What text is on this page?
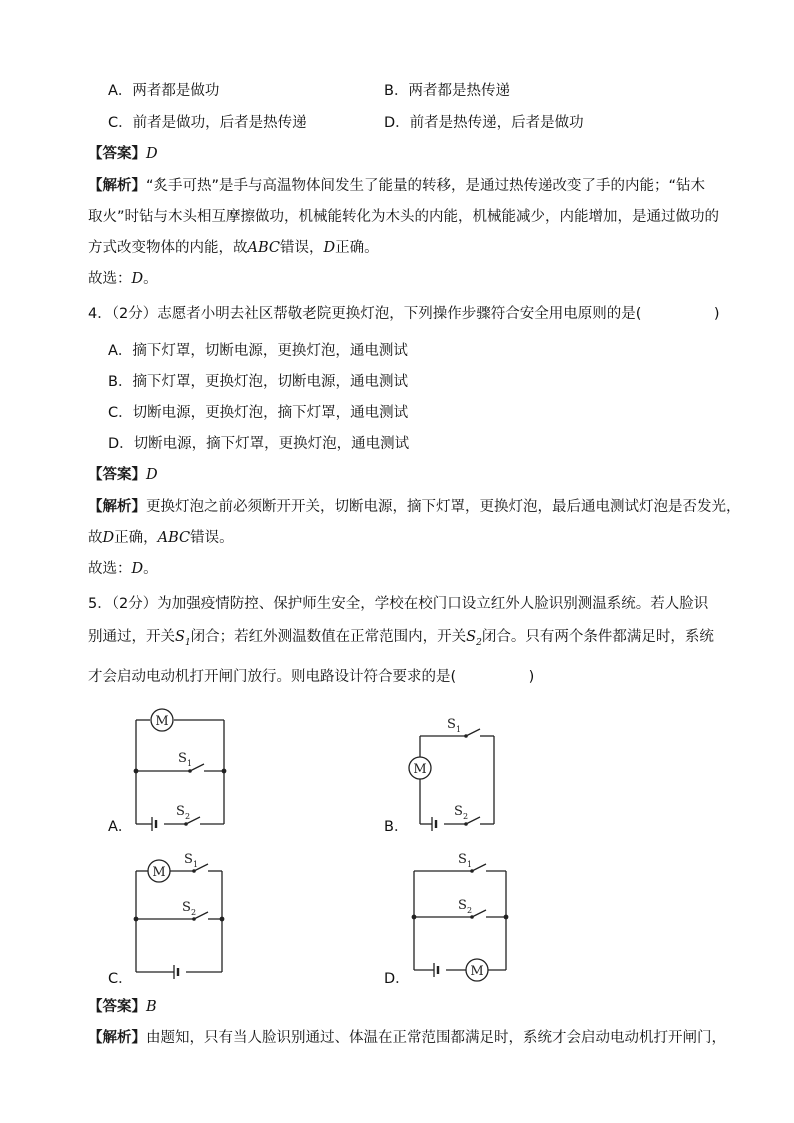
A．两者都是做功	B．两者都是热传递
C．前者是做功，后者是热传递	D．前者是热传递，后者是做功
【答案】D
【解析】“炙手可热”是手与高温物体间发生了能量的转移，是通过热传递改变了手的内能；“钻木
取火”时钻与木头相互摩擦做功，机械能转化为木头的内能，机械能减少，内能增加，是通过做功的
方式改变物体的内能，故ABC错误，D正确。
故选：D。
4．（2分）志愿者小明去社区帮敬老院更换灯泡，下列操作步骤符合安全用电原则的是(　　　　　)
A．摘下灯罩，切断电源，更换灯泡，通电测试
B．摘下灯罩，更换灯泡，切断电源，通电测试
C．切断电源，更换灯泡，摘下灯罩，通电测试
D．切断电源，摘下灯罩，更换灯泡，通电测试
【答案】D
【解析】更换灯泡之前必须断开开关，切断电源，摘下灯罩，更换灯泡，最后通电测试灯泡是否发光，
故D正确，ABC错误。
故选：D。
5．（2分）为加强疫情防控、保护师生安全，学校在校门口设立红外人脸识别测温系统。若人脸识
别通过，开关$S_1$闭合；若红外测温数值在正常范围内，开关$S_2$闭合。只有两个条件都满足时，系统
才会启动电动机打开闸门放行。则电路设计符合要求的是(　　　　　)
A．	B．
C．	D．
M
S 1
S 2
S 1
M
S 2
M
S 1
S 2
S 1
S 2
M
【答案】B
【解析】由题知，只有当人脸识别通过、体温在正常范围都满足时，系统才会启动电动机打开闸门，
